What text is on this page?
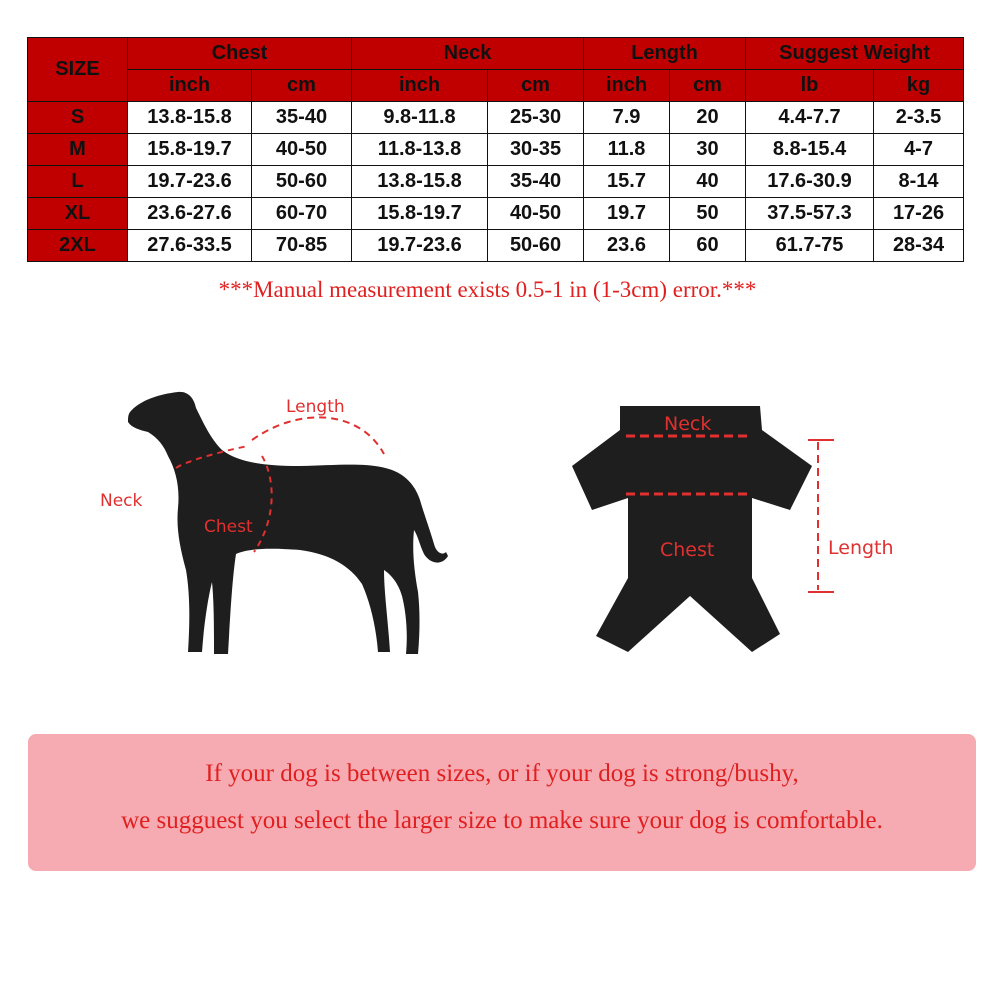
SIZE	Chest		Neck		Length		Suggest Weight	
	inch	cm	inch	cm	inch	cm	lb	kg
S	13.8-15.8	35-40	9.8-11.8	25-30	7.9	20	4.4-7.7	2-3.5
M	15.8-19.7	40-50	11.8-13.8	30-35	11.8	30	8.8-15.4	4-7
L	19.7-23.6	50-60	13.8-15.8	35-40	15.7	40	17.6-30.9	8-14
XL	23.6-27.6	60-70	15.8-19.7	40-50	19.7	50	37.5-57.3	17-26
2XL	27.6-33.5	70-85	19.7-23.6	50-60	23.6	60	61.7-75	28-34
***Manual measurement exists 0.5-1 in (1-3cm) error.***
Length
Neck
Chest
Neck
Chest	Length
If your dog is between sizes, or if your dog is strong/bushy,
we sugguest you select the larger size to make sure your dog is comfortable.
